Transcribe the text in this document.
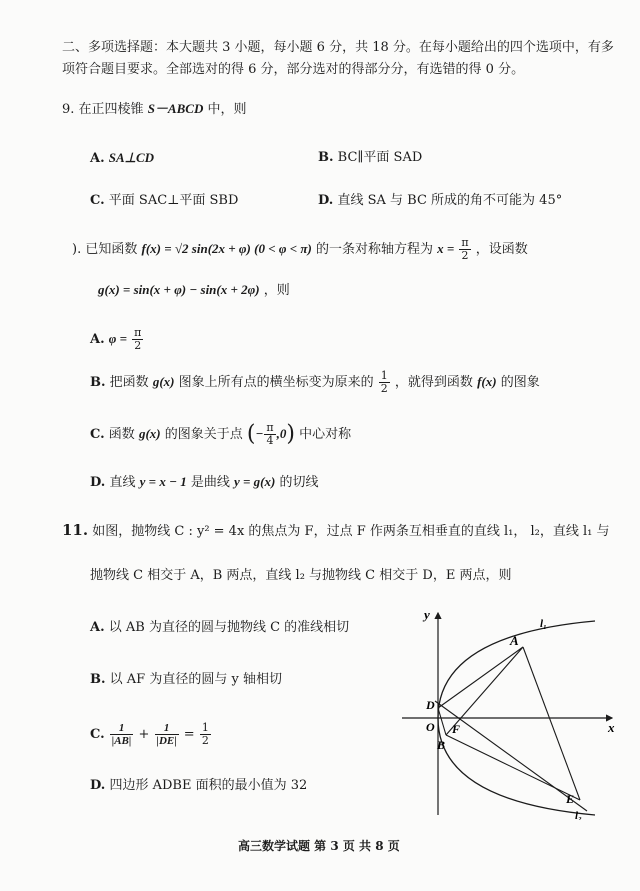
二、多项选择题：本大题共 3 小题，每小题 6 分，共 18 分。在每小题给出的四个选项中，有多
项符合题目要求。全部选对的得 6 分，部分选对的得部分分，有选错的得 0 分。
9. 在正四棱锥 S－ABCD 中，则
A. SA⊥CD	B. BC∥平面 SAD
C. 平面 SAC⊥平面 SBD	D. 直线 SA 与 BC 所成的角不可能为 45°
). 已知函数 f(x) = √2 sin(2x + φ) (0 < φ < π) 的一条对称轴方程为 $x = \frac{\pi}{2}$ ，设函数
g(x) = sin(x + φ) − sin(x + 2φ) ，则
A. $\varphi = \frac{\pi}{2}$
B. 把函数 g(x) 图象上所有点的横坐标变为原来的 $\frac{1}{2}$ ，就得到函数 f(x) 的图象
C. 函数 g(x) 的图象关于点 (− $\frac{\pi}{4} ,0$) 中心对称
D. 直线 y = x − 1 是曲线 y = g(x) 的切线
11. 如图，抛物线 C : y² = 4x 的焦点为 F，过点 F 作两条互相垂直的直线 l₁， l₂，直线 l₁ 与
抛物线 C 相交于 A，B 两点，直线 l₂ 与抛物线 C 相交于 D，E 两点，则
A. 以 AB 为直径的圆与抛物线 C 的准线相切
B. 以 AF 为直径的圆与 y 轴相切
C. $\frac{1}{|AB|} + \frac{1}{|DE|} = \frac{1}{2}$
D. 四边形 ADBE 面积的最小值为 32
y
x
l₁
l₂
A
B
D
E
F
O
高三数学试题 第 3 页 共 8 页
